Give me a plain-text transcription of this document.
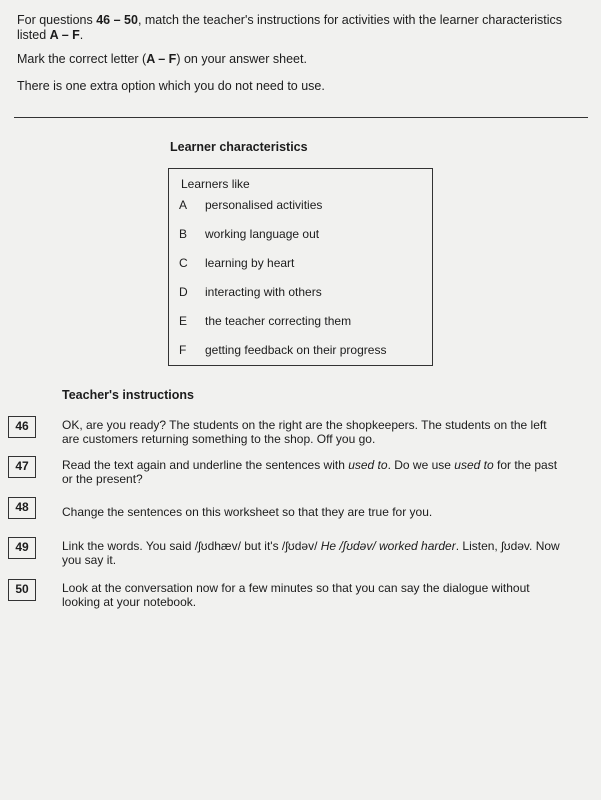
For questions 46 – 50, match the teacher's instructions for activities with the learner characteristics listed A – F.

Mark the correct letter (A – F) on your answer sheet.

There is one extra option which you do not need to use.

Learner characteristics

Learners like
A	personalised activities
B	working language out
C	learning by heart
D	interacting with others
E	the teacher correcting them
F	getting feedback on their progress

Teacher's instructions

46	OK, are you ready? The students on the right are the shopkeepers. The students on the left are customers returning something to the shop. Off you go.

47	Read the text again and underline the sentences with used to. Do we use used to for the past or the present?

48	Change the sentences on this worksheet so that they are true for you.

49	Link the words. You said /ʃʊdhæv/ but it's /ʃʊdəv/ He /ʃʊdəv/ worked harder. Listen, ʃʊdəv. Now you say it.

50	Look at the conversation now for a few minutes so that you can say the dialogue without looking at your notebook.
